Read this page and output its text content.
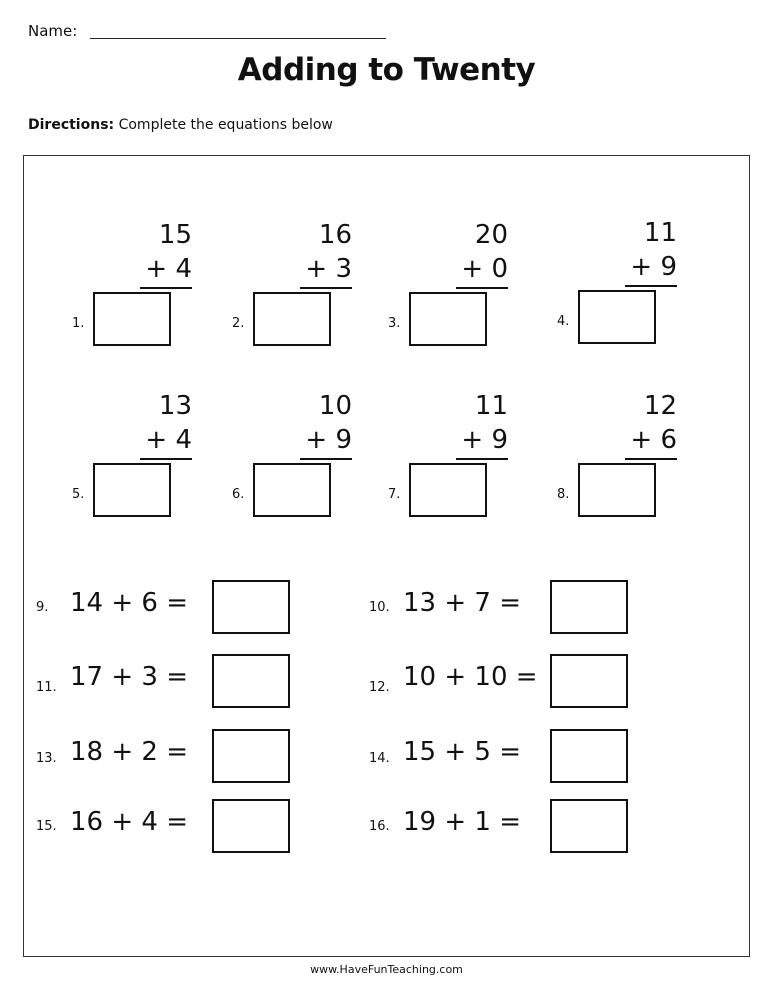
Name:
Adding to Twenty
Directions: Complete the equations below
15
+ 4
1.
16
+ 3
2.
20
+ 0
3.
11
+ 9
4.
13
+ 4
5.
10
+ 9
6.
11
+ 9
7.
12
+ 6
8.
9. 14 + 6 =	10. 13 + 7 =
11. 17 + 3 =	12. 10 + 10 =
13. 18 + 2 =	14. 15 + 5 =
15. 16 + 4 =	16. 19 + 1 =
www.HaveFunTeaching.com
